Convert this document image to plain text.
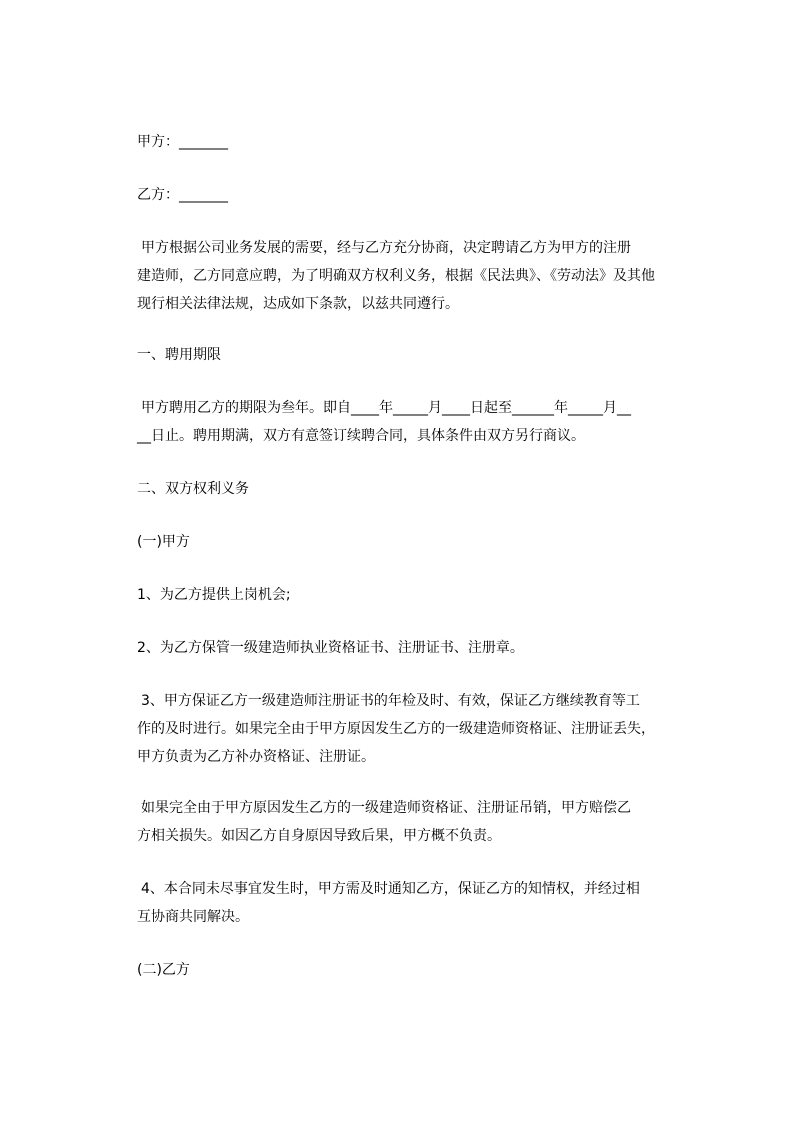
甲方：_______
乙方：_______
甲方根据公司业务发展的需要，经与乙方充分协商，决定聘请乙方为甲方的注册
建造师，乙方同意应聘，为了明确双方权利义务，根据《民法典》、《劳动法》及其他
现行相关法律法规，达成如下条款，以兹共同遵行。
一、聘用期限
甲方聘用乙方的期限为叁年。即自____年_____月____日起至______年_____月__
__日止。聘用期满，双方有意签订续聘合同，具体条件由双方另行商议。
二、双方权利义务
(一)甲方
1、为乙方提供上岗机会;
2、为乙方保管一级建造师执业资格证书、注册证书、注册章。
3、甲方保证乙方一级建造师注册证书的年检及时、有效，保证乙方继续教育等工
作的及时进行。如果完全由于甲方原因发生乙方的一级建造师资格证、注册证丢失，
甲方负责为乙方补办资格证、注册证。
如果完全由于甲方原因发生乙方的一级建造师资格证、注册证吊销，甲方赔偿乙
方相关损失。如因乙方自身原因导致后果，甲方概不负责。
4、本合同未尽事宜发生时，甲方需及时通知乙方，保证乙方的知情权，并经过相
互协商共同解决。
(二)乙方
